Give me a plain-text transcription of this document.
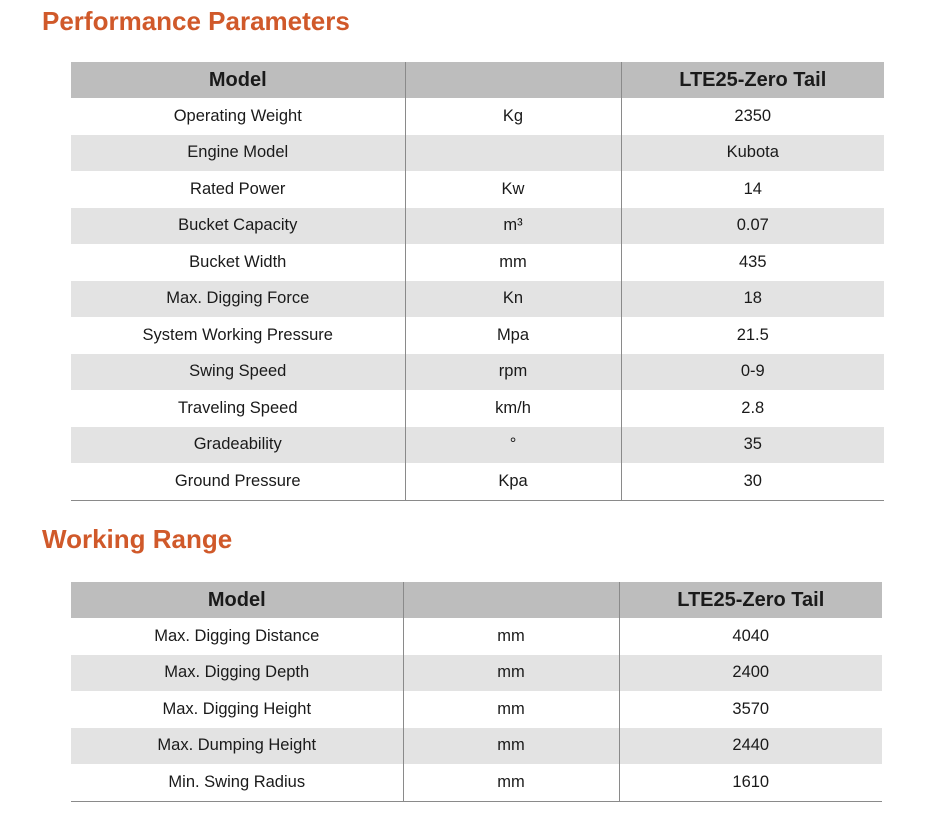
Performance Parameters
Model		LTE25-Zero Tail
Operating Weight	Kg	2350
Engine Model		Kubota
Rated Power	Kw	14
Bucket Capacity	m³	0.07
Bucket Width	mm	435
Max. Digging Force	Kn	18
System Working Pressure	Mpa	21.5
Swing Speed	rpm	0-9
Traveling Speed	km/h	2.8
Gradeability	°	35
Ground Pressure	Kpa	30
Working Range
Model		LTE25-Zero Tail
Max. Digging Distance	mm	4040
Max. Digging Depth	mm	2400
Max. Digging Height	mm	3570
Max. Dumping Height	mm	2440
Min. Swing Radius	mm	1610
